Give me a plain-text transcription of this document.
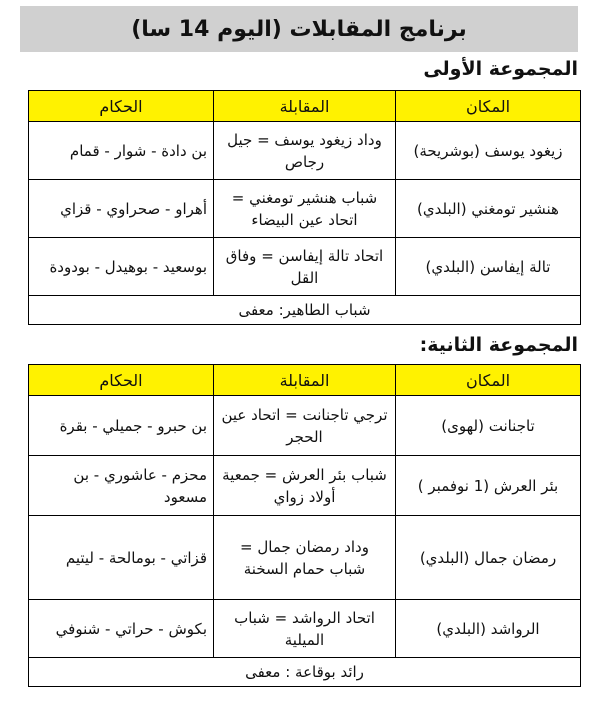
برنامج المقابلات (اليوم 14 سا)
المجموعة الأولى
المكان	المقابلة	الحكام
زيغود يوسف (بوشريحة)	وداد زيغود يوسف = جيل رجاص	بن دادة - شوار - قمام
هنشير تومغني (البلدي)	شباب هنشير تومغني = اتحاد عين البيضاء	أهراو - صحراوي - قزاي
تالة إيفاسن (البلدي)	اتحاد تالة إيفاسن = وفاق القل	بوسعيد - بوهيدل - بودودة
شباب الطاهير: معفى		
المجموعة الثانية:
المكان	المقابلة	الحكام
تاجنانت (لهوى)	ترجي تاجنانت = اتحاد عين الحجر	بن حبرو - جميلي - بقرة
بئر العرش (1 نوفمبر )	شباب بئر العرش = جمعية أولاد زواي	محزم - عاشوري - بن مسعود
رمضان جمال (البلدي)	وداد رمضان جمال = شباب حمام السخنة	قزاتي - بومالحة - ليتيم
الرواشد (البلدي)	اتحاد الرواشد = شباب الميلية	بكوش - حراتي - شنوفي
رائد بوقاعة : معفى		
